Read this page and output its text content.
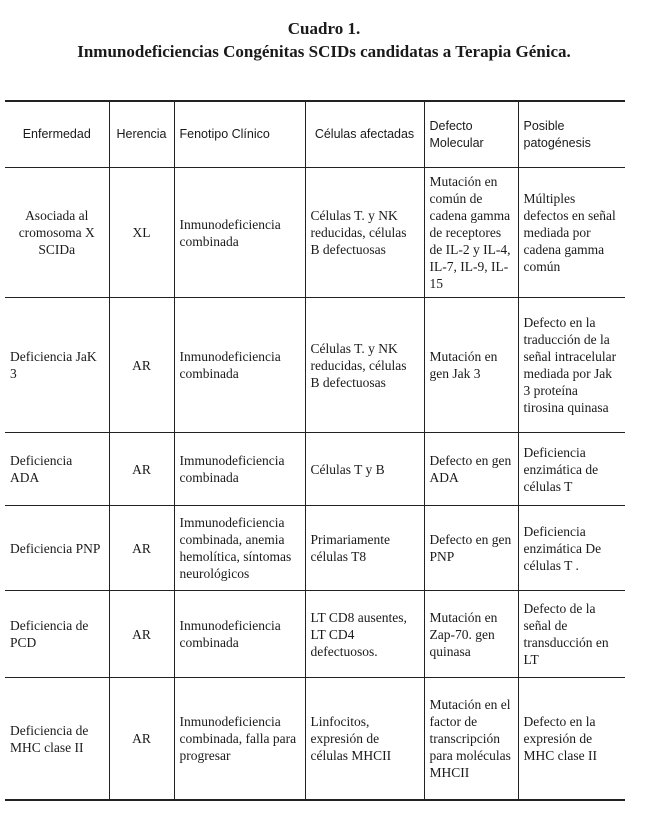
Cuadro 1.
Inmunodeficiencias Congénitas SCIDs candidatas a Terapia Génica.
Enfermedad	Herencia	Fenotipo Clínico	Células afectadas	Defecto Molecular	Posible patogénesis
Asociada al cromosoma X SCIDa	XL	Inmunodeficiencia combinada	Células T. y NK reducidas, células B defectuosas	Mutación en común de cadena gamma de receptores de IL-2 y IL-4, IL-7, IL-9, IL-15	Múltiples defectos en señal mediada por cadena gamma común
Deficiencia JaK 3	AR	Inmunodeficiencia combinada	Células T. y NK reducidas, células B defectuosas	Mutación en gen Jak 3	Defecto en la traducción de la señal intracelular mediada por Jak 3 proteína tirosina quinasa
Deficiencia ADA	AR	Immunodeficiencia combinada	Células T y B	Defecto en gen ADA	Deficiencia enzimática de células T
Deficiencia PNP	AR	Immunodeficiencia combinada, anemia hemolítica, síntomas neurológicos	Primariamente células T8	Defecto en gen PNP	Deficiencia enzimática De células T .
Deficiencia de PCD	AR	Inmunodeficiencia combinada	LT CD8 ausentes, LT CD4 defectuosos.	Mutación en Zap-70. gen quinasa	Defecto de la señal de transducción en LT
Deficiencia de MHC clase II	AR	Inmunodeficiencia combinada, falla para progresar	Linfocitos, expresión de células MHCII	Mutación en el factor de transcripción para moléculas MHCII	Defecto en la expresión de MHC clase II
